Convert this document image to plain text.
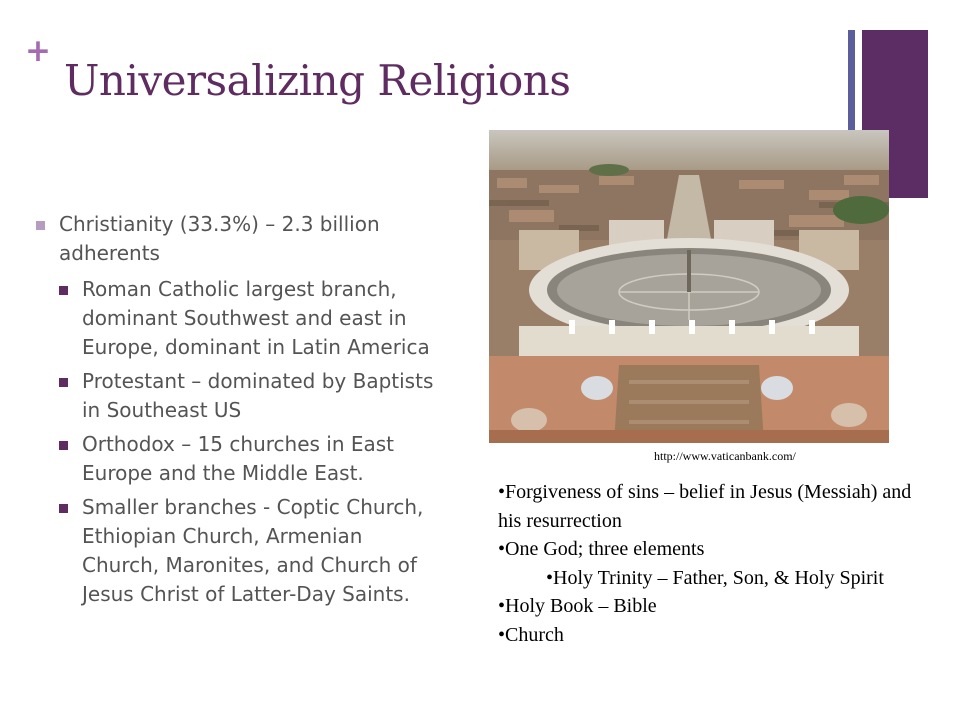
+
Universalizing Religions
Christianity (33.3%) – 2.3 billion adherents
Roman Catholic largest branch, dominant Southwest and east in Europe, dominant in Latin America
Protestant – dominated by Baptists in Southeast US
Orthodox – 15 churches in East Europe and the Middle East.
Smaller branches - Coptic Church, Ethiopian Church, Armenian Church, Maronites, and Church of Jesus Christ of Latter-Day Saints.
http://www.vaticanbank.com/
•Forgiveness of sins – belief in Jesus (Messiah) and his resurrection
•One God; three elements
•Holy Trinity – Father, Son, & Holy Spirit
•Holy Book – Bible
•Church
